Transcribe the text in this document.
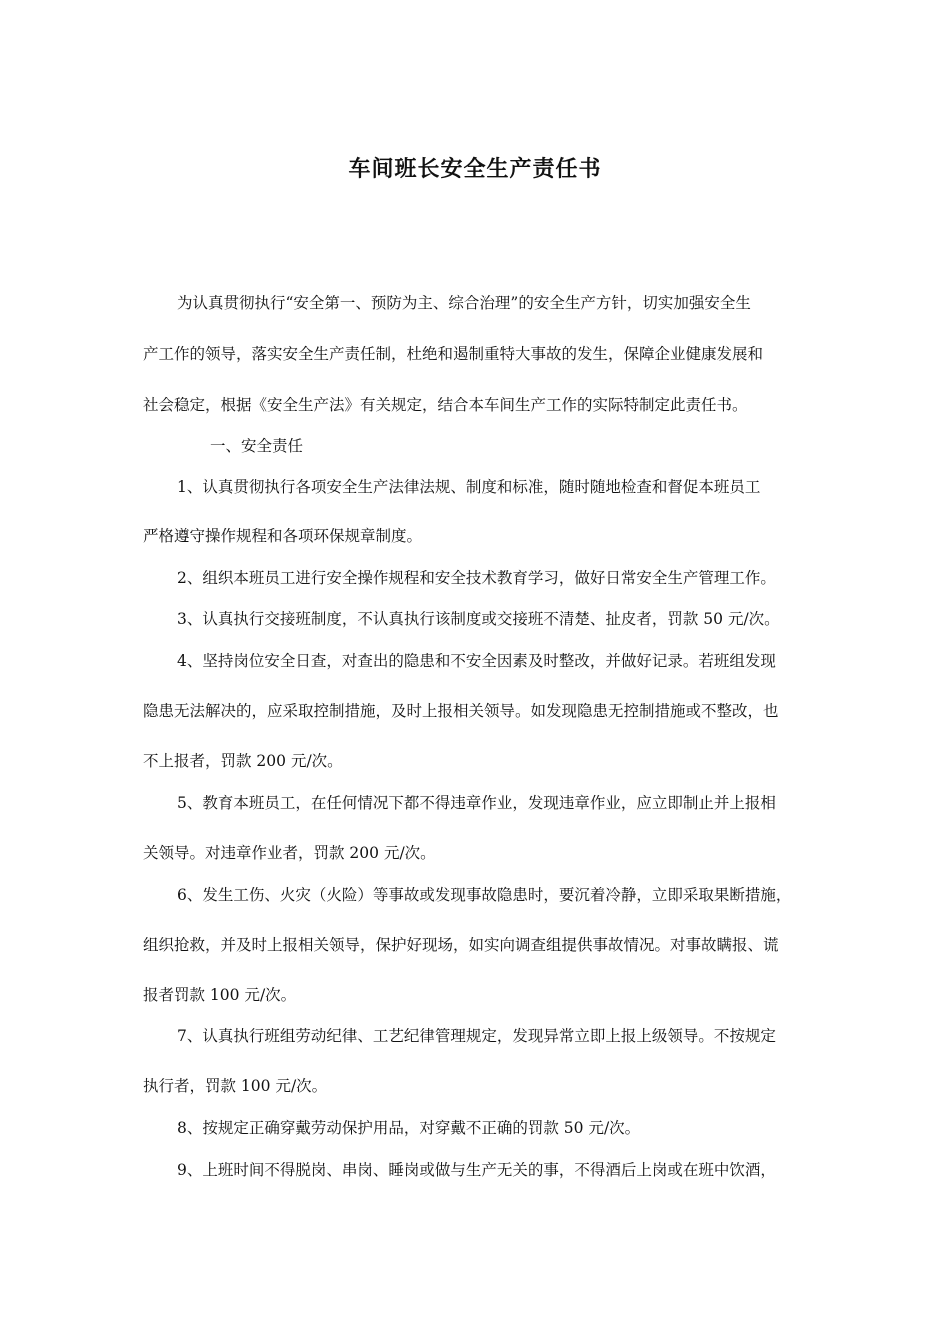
车间班长安全生产责任书
为认真贯彻执行“安全第一、预防为主、综合治理”的安全生产方针，切实加强安全生
产工作的领导，落实安全生产责任制，杜绝和遏制重特大事故的发生，保障企业健康发展和
社会稳定，根据《安全生产法》有关规定，结合本车间生产工作的实际特制定此责任书。
一、安全责任
1、认真贯彻执行各项安全生产法律法规、制度和标准，随时随地检查和督促本班员工
严格遵守操作规程和各项环保规章制度。
2、组织本班员工进行安全操作规程和安全技术教育学习，做好日常安全生产管理工作。
3、认真执行交接班制度，不认真执行该制度或交接班不清楚、扯皮者，罚款 50 元/次。
4、坚持岗位安全日查，对查出的隐患和不安全因素及时整改，并做好记录。若班组发现
隐患无法解决的，应采取控制措施，及时上报相关领导。如发现隐患无控制措施或不整改，也
不上报者，罚款 200 元/次。
5、教育本班员工，在任何情况下都不得违章作业，发现违章作业，应立即制止并上报相
关领导。对违章作业者，罚款 200 元/次。
6、发生工伤、火灾（火险）等事故或发现事故隐患时，要沉着冷静，立即采取果断措施，
组织抢救，并及时上报相关领导，保护好现场，如实向调查组提供事故情况。对事故瞒报、谎
报者罚款 100 元/次。
7、认真执行班组劳动纪律、工艺纪律管理规定，发现异常立即上报上级领导。不按规定
执行者，罚款 100 元/次。
8、按规定正确穿戴劳动保护用品，对穿戴不正确的罚款 50 元/次。
9、上班时间不得脱岗、串岗、睡岗或做与生产无关的事，不得酒后上岗或在班中饮酒，
